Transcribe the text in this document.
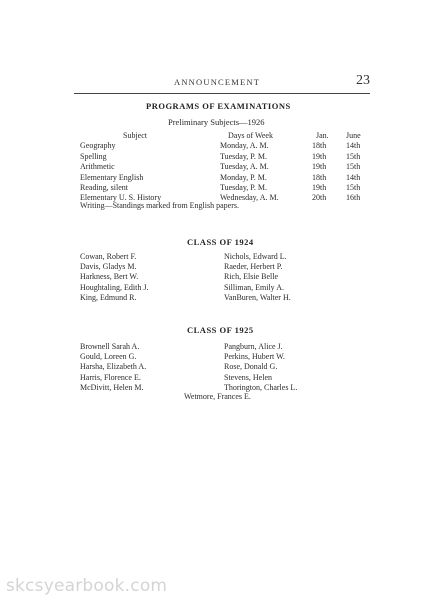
ANNOUNCEMENT	23
PROGRAMS OF EXAMINATIONS
Preliminary Subjects—1926
Subject	Days of Week	Jan. June
Geography	Monday, A. M.	18th 14th
Spelling	Tuesday, P. M.	19th 15th
Arithmetic	Tuesday, A. M.	19th 15th
Elementary English	Monday, P. M.	18th 14th
Reading, silent	Tuesday, P. M.	19th 15th
Elementary U. S. History	Wednesday, A. M.	20th 16th
Writing—Standings marked from English papers.
CLASS OF 1924
Cowan, Robert F.	Nichols, Edward L.
Davis, Gladys M.	Raeder, Herbert P.
Harkness, Bert W.	Rich, Elsie Belle
Houghtaling, Edith J.	Silliman, Emily A.
King, Edmund R.	VanBuren, Walter H.
CLASS OF 1925
Brownell Sarah A.	Pangburn, Alice J.
Gould, Loreen G.	Perkins, Hubert W.
Harsha, Elizabeth A.	Rose, Donald G.
Harris, Florence E.	Stevens, Helen
McDivitt, Helen M.	Thorington, Charles L.
Wetmore, Frances E.
skcsyearbook.com
